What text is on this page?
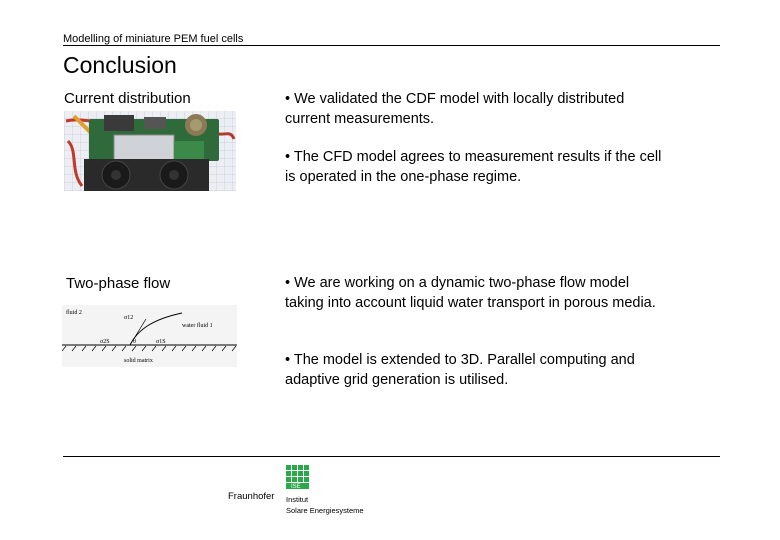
Modelling of miniature PEM fuel cells
Conclusion
Current distribution	• We validated the CDF model with locally distributed current measurements.
• The CFD model agrees to measurement results if the cell is operated in the one-phase regime.
Two-phase flow
fluid 2
σ12
water fluid 1
σ2S	θ	σ1S
solid matrix
• We are working on a dynamic two-phase flow model taking into account liquid water transport in porous media.
• The model is extended to 3D. Parallel computing and adaptive grid generation is utilised.
ISE
Fraunhofer Institut
Solare Energiesysteme
